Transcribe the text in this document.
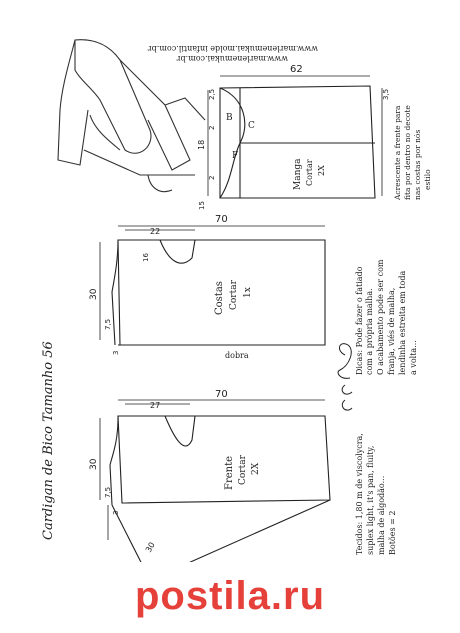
Cardigan de Bico Tamanho 56	70
27
30
7,5
30
3
Frente Cortar 2X
70
22
16
30
7,5
3
Costas Cortar 1x
dobra
62
18
2,5
15
3,5
2
2
B
C
F
Manga Cortar 2X
www.marlenemukai.com.br
www.marlenemukai.molde infantil.com.br
Acrescente a frente para fita por dentro no decote nas costas por nós estilo
Dicas: Pode fazer o fatiado com a própria malha. O acabamento pode ser com franja, viés de malha, lendinha estreita em toda a volta...
Tecidos: 1,80 m de viscolycra, suplex light, it's pan, fluity, malha de algodão... Botões = 2
postila.ru
